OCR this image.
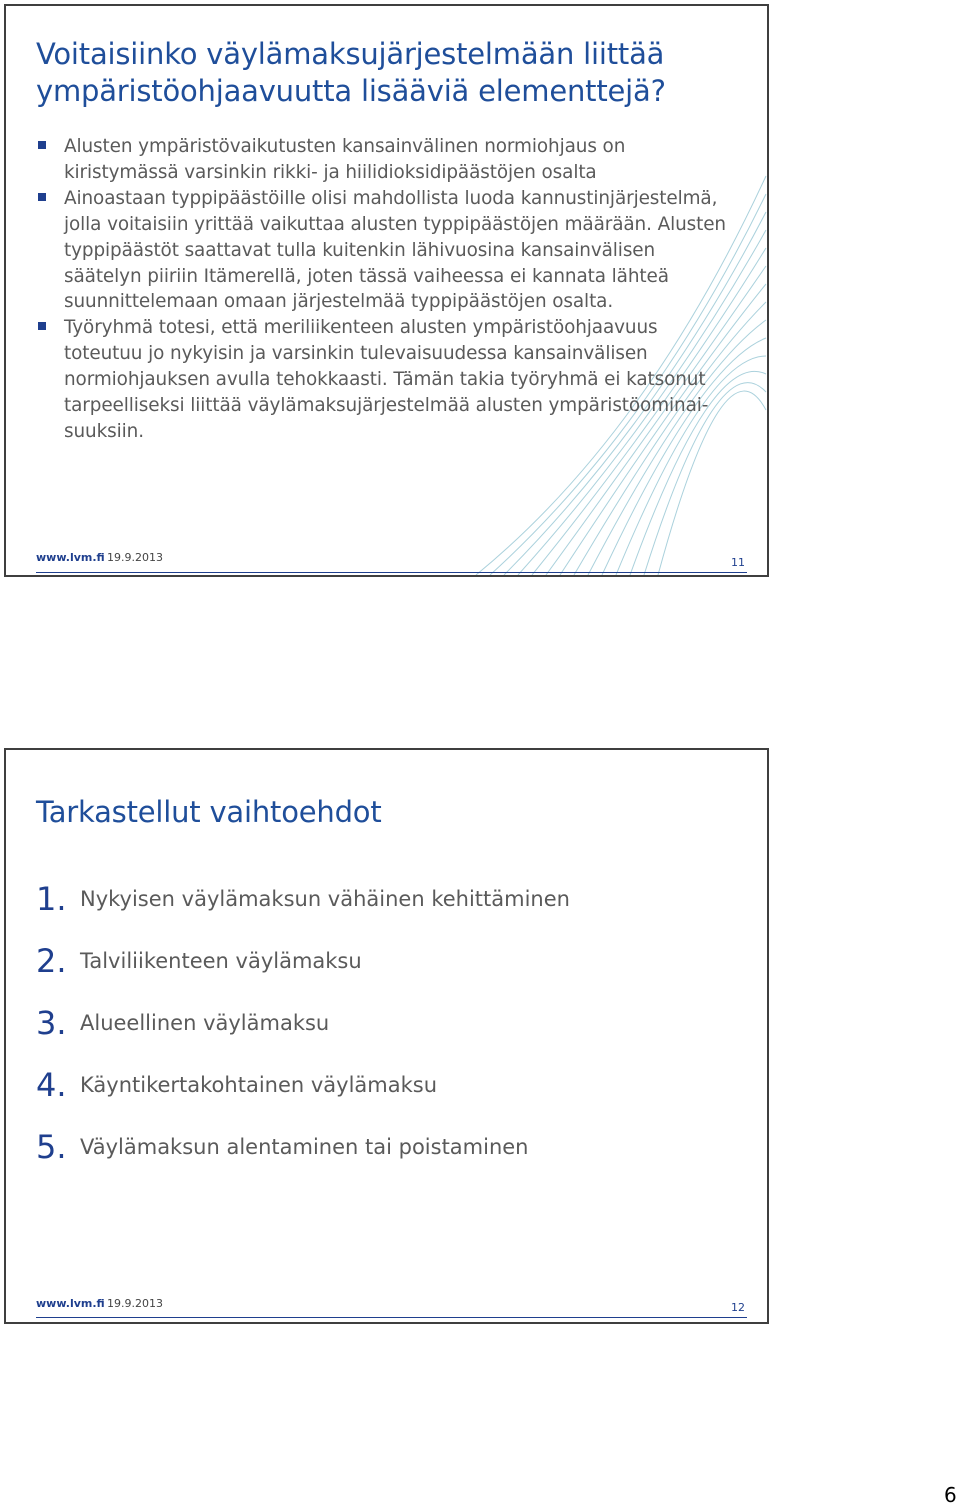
Voitaisiinko väylämaksujärjestelmään liittää ympäristöohjaavuutta lisääviä elementtejä?
Alusten ympäristövaikutusten kansainvälinen normiohjaus on kiristymässä varsinkin rikki- ja hiilidioksidipäästöjen osalta
Ainoastaan typpipäästöille olisi mahdollista luoda kannustinjärjestelmä, jolla voitaisiin yrittää vaikuttaa alusten typpipäästöjen määrään. Alusten typpipäästöt saattavat tulla kuitenkin lähivuosina kansainvälisen säätelyn piiriin Itämerellä, joten tässä vaiheessa ei kannata lähteä suunnittelemaan omaan järjestelmää typpipäästöjen osalta.
Työryhmä totesi, että meriliikenteen alusten ympäristöohjaavuus toteutuu jo nykyisin ja varsinkin tulevaisuudessa kansainvälisen normiohjauksen avulla tehokkaasti. Tämän takia työryhmä ei katsonut tarpeelliseksi liittää väylämaksujärjestelmää alusten ympäristöominai-suuksiin.
www.lvm.fi 19.9.2013	11
Tarkastellut vaihtoehdot
1. Nykyisen väylämaksun vähäinen kehittäminen
2. Talviliikenteen väylämaksu
3. Alueellinen väylämaksu
4. Käyntikertakohtainen väylämaksu
5. Väylämaksun alentaminen tai poistaminen
www.lvm.fi 19.9.2013	12
6
